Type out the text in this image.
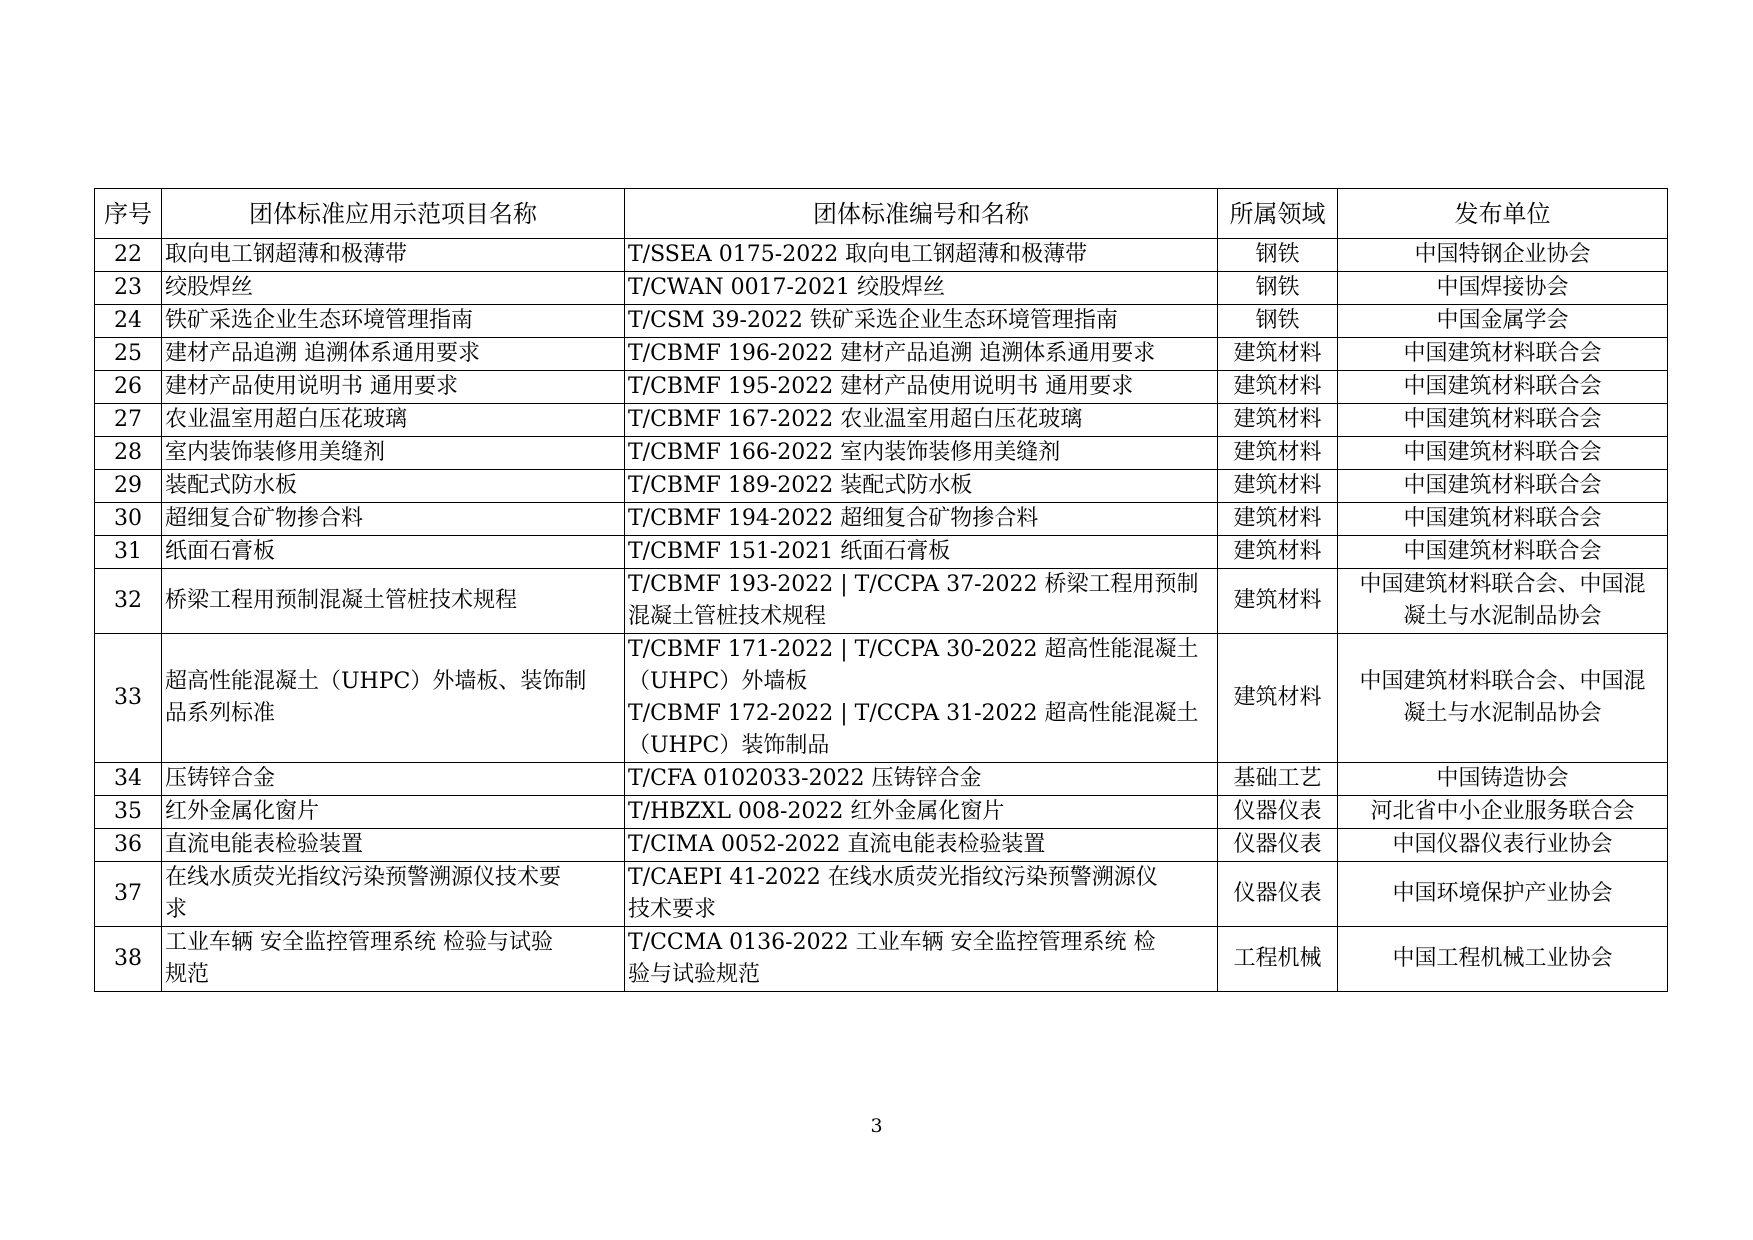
序号	团体标准应用示范项目名称	团体标准编号和名称	所属领域	发布单位
22	取向电工钢超薄和极薄带	T/SSEA 0175-2022 取向电工钢超薄和极薄带	钢铁	中国特钢企业协会

23	绞股焊丝	T/CWAN 0017-2021 绞股焊丝	钢铁	中国焊接协会

24	铁矿采选企业生态环境管理指南	T/CSM 39-2022 铁矿采选企业生态环境管理指南	钢铁	中国金属学会

25	建材产品追溯 追溯体系通用要求	T/CBMF 196-2022 建材产品追溯 追溯体系通用要求	建筑材料	中国建筑材料联合会

26	建材产品使用说明书 通用要求	T/CBMF 195-2022 建材产品使用说明书 通用要求	建筑材料	中国建筑材料联合会

27	农业温室用超白压花玻璃	T/CBMF 167-2022 农业温室用超白压花玻璃	建筑材料	中国建筑材料联合会

28	室内装饰装修用美缝剂	T/CBMF 166-2022 室内装饰装修用美缝剂	建筑材料	中国建筑材料联合会

29	装配式防水板	T/CBMF 189-2022 装配式防水板	建筑材料	中国建筑材料联合会

30	超细复合矿物掺合料	T/CBMF 194-2022 超细复合矿物掺合料	建筑材料	中国建筑材料联合会

31	纸面石膏板	T/CBMF 151-2021 纸面石膏板	建筑材料	中国建筑材料联合会

32	桥梁工程用预制混凝土管桩技术规程	T/CBMF 193-2022 | T/CCPA 37-2022 桥梁工程用预制
混凝土管桩技术规程	建筑材料	中国建筑材料联合会、中国混
凝土与水泥制品协会

33	超高性能混凝土（UHPC）外墙板、装饰制
品系列标准	T/CBMF 171-2022 | T/CCPA 30-2022 超高性能混凝土
（UHPC）外墙板
T/CBMF 172-2022 | T/CCPA 31-2022 超高性能混凝土
（UHPC）装饰制品	建筑材料	中国建筑材料联合会、中国混
凝土与水泥制品协会

34	压铸锌合金	T/CFA 0102033-2022 压铸锌合金	基础工艺	中国铸造协会

35	红外金属化窗片	T/HBZXL 008-2022 红外金属化窗片	仪器仪表	河北省中小企业服务联合会

36	直流电能表检验装置	T/CIMA 0052-2022 直流电能表检验装置	仪器仪表	中国仪器仪表行业协会

37	在线水质荧光指纹污染预警溯源仪技术要
求	T/CAEPI 41-2022 在线水质荧光指纹污染预警溯源仪
技术要求	仪器仪表	中国环境保护产业协会

38	工业车辆 安全监控管理系统 检验与试验
规范	T/CCMA 0136-2022 工业车辆 安全监控管理系统 检
验与试验规范	工程机械	中国工程机械工业协会
3
